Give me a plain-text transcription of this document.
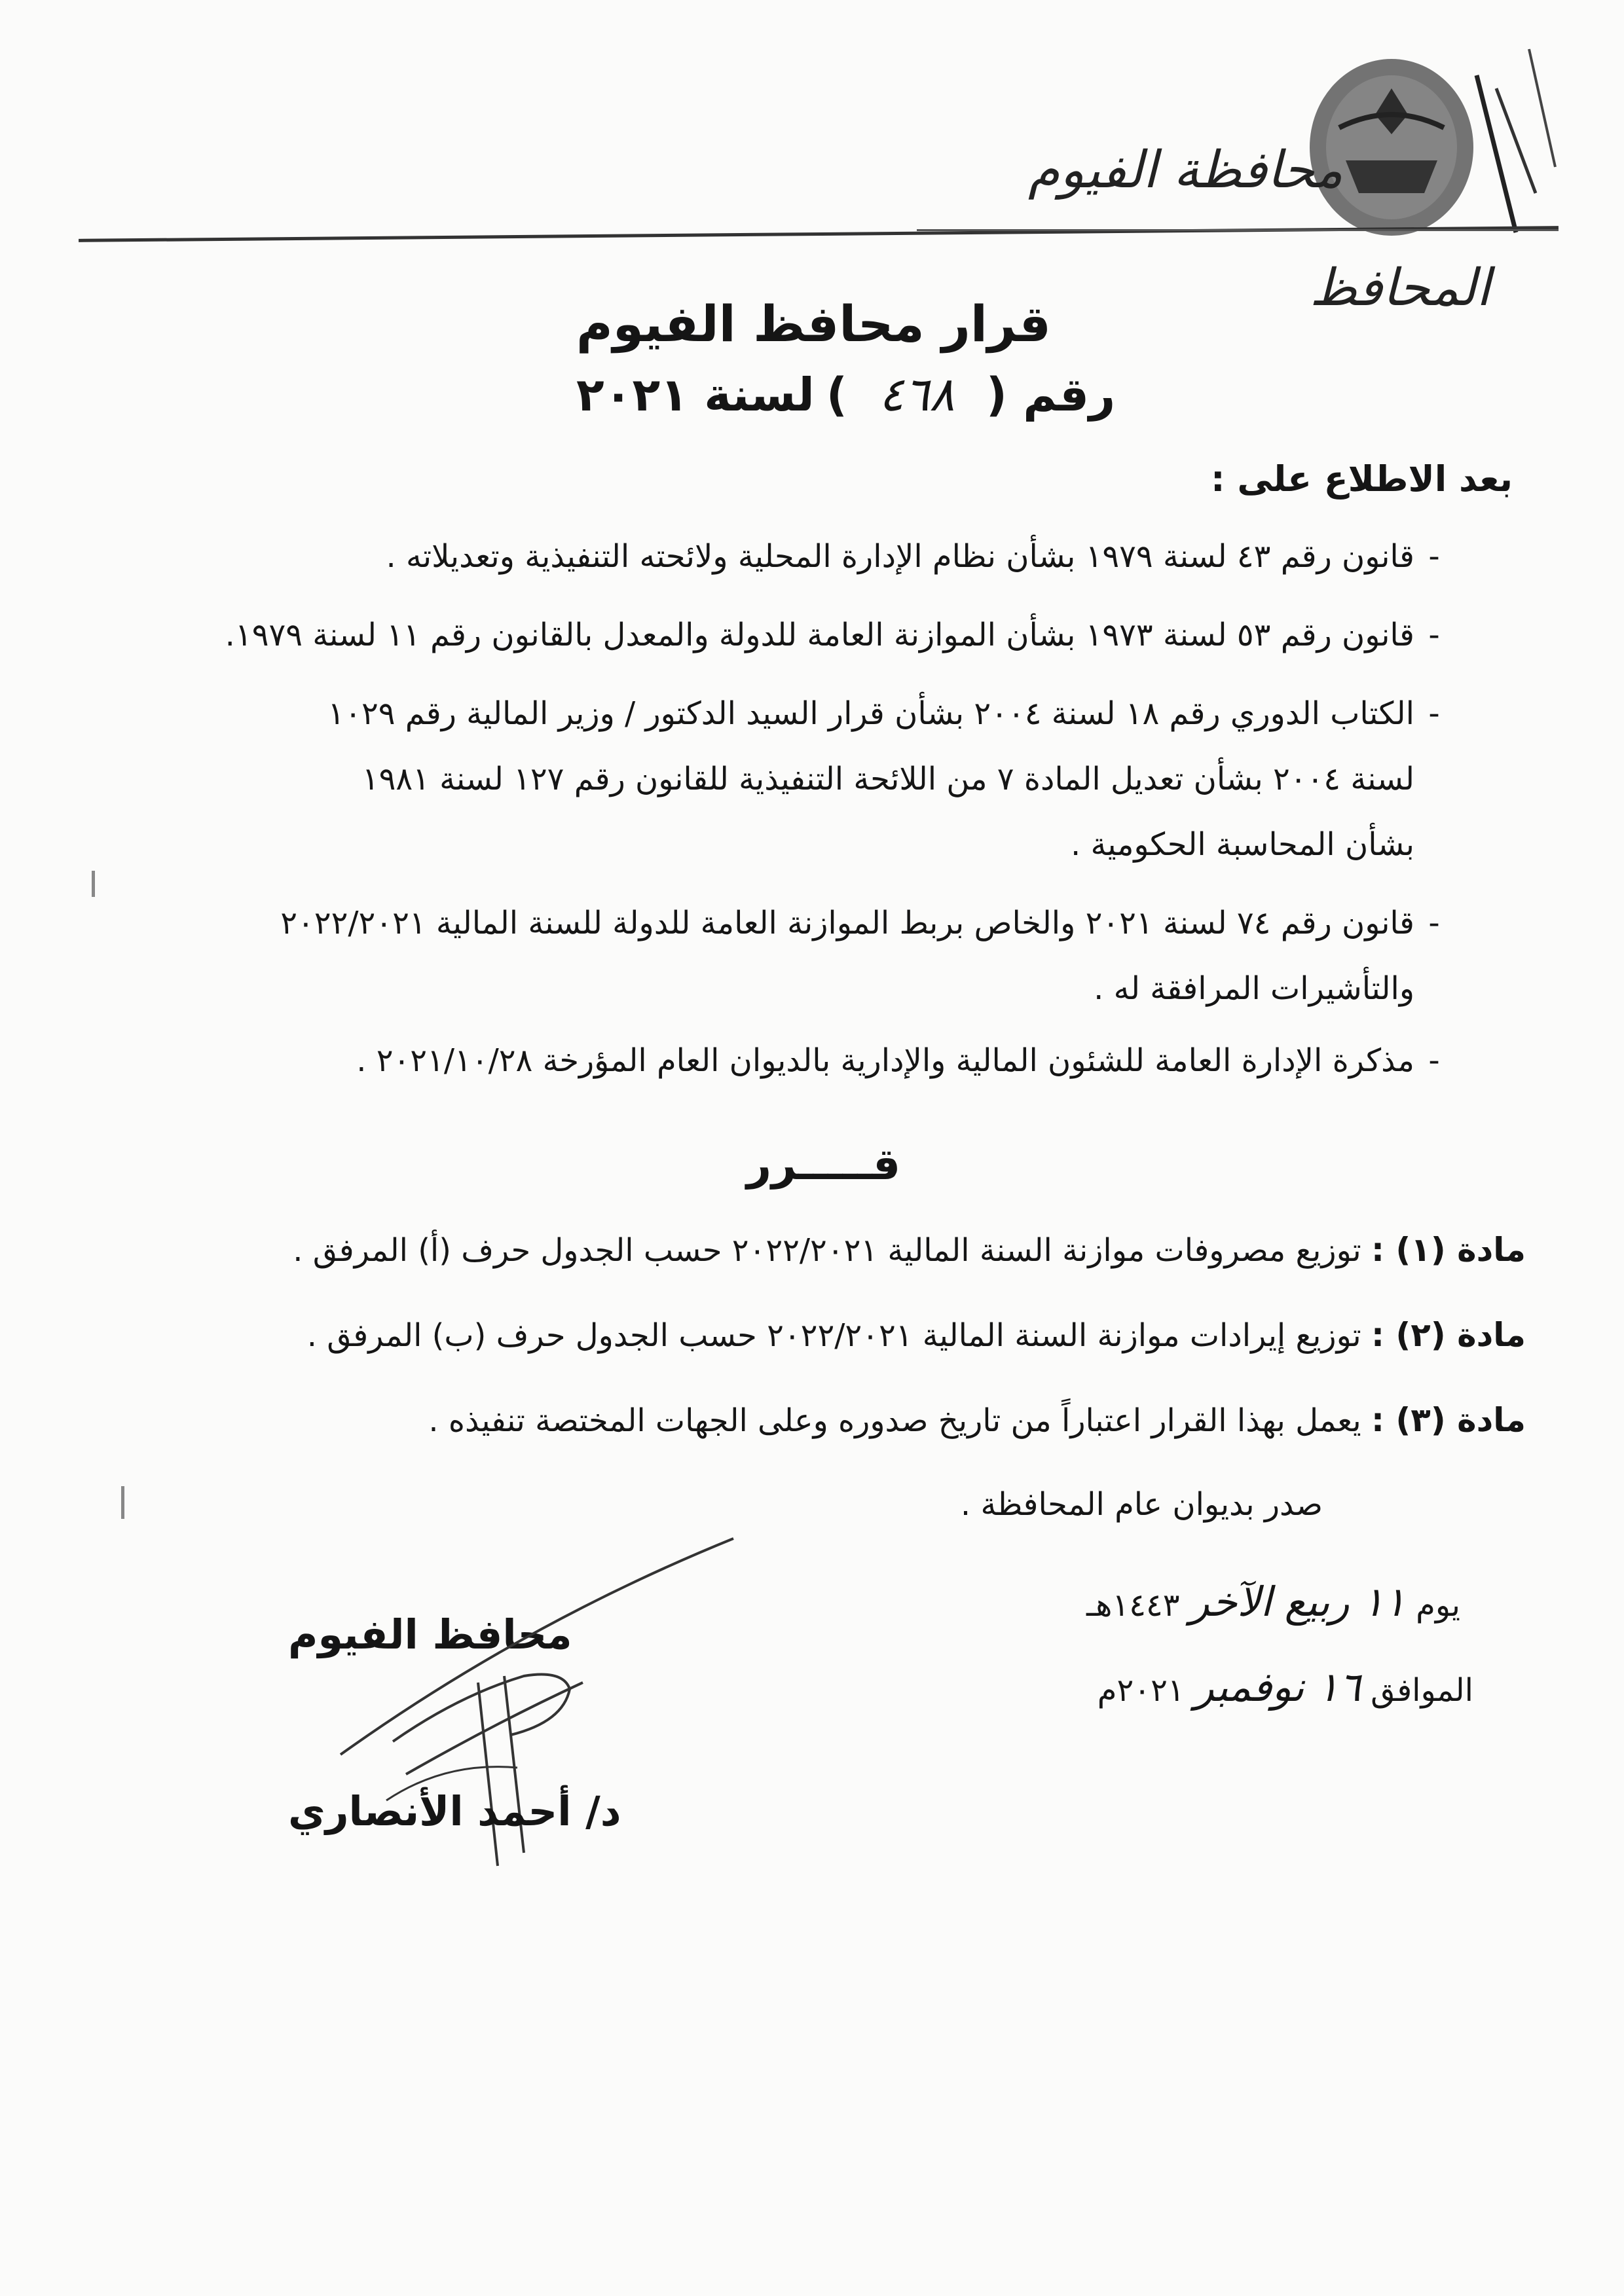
محافظة الفيوم
المحافظ
قرار محافظ الفيوم
رقم (
٤٦٨
)
لسنة ٢٠٢١
بعد الاطلاع على :
-قانون رقم ٤٣ لسنة ١٩٧٩ بشأن نظام الإدارة المحلية ولائحته التنفيذية وتعديلاته .
-قانون رقم ٥٣ لسنة ١٩٧٣ بشأن الموازنة العامة للدولة والمعدل بالقانون رقم ١١ لسنة ١٩٧٩.
-الكتاب الدوري رقم ١٨ لسنة ٢٠٠٤ بشأن قرار السيد الدكتور / وزير المالية رقم ١٠٢٩
لسنة ٢٠٠٤ بشأن تعديل المادة ٧ من اللائحة التنفيذية للقانون رقم ١٢٧ لسنة ١٩٨١
بشأن المحاسبة الحكومية .
-قانون رقم ٧٤ لسنة ٢٠٢١ والخاص بربط الموازنة العامة للدولة للسنة المالية ٢٠٢٢/٢٠٢١
والتأشيرات المرافقة له .
-مذكرة الإدارة العامة للشئون المالية والإدارية بالديوان العام المؤرخة ٢٠٢١/١٠/٢٨ .
قـــــرر
مادة (١) : توزيع مصروفات موازنة السنة المالية ٢٠٢٢/٢٠٢١ حسب الجدول حرف (أ) المرفق .
مادة (٢) : توزيع إيرادات موازنة السنة المالية ٢٠٢٢/٢٠٢١ حسب الجدول حرف (ب) المرفق .
مادة (٣) : يعمل بهذا القرار اعتباراً من تاريخ صدوره وعلى الجهات المختصة تنفيذه .
صدر بديوان عام المحافظة .
يوم ١١ ربيع الآخر ١٤٤٣هـ
الموافق ١٦ نوفمبر ٢٠٢١م
محافظ الفيوم
د/ أحمد الأنصاري
